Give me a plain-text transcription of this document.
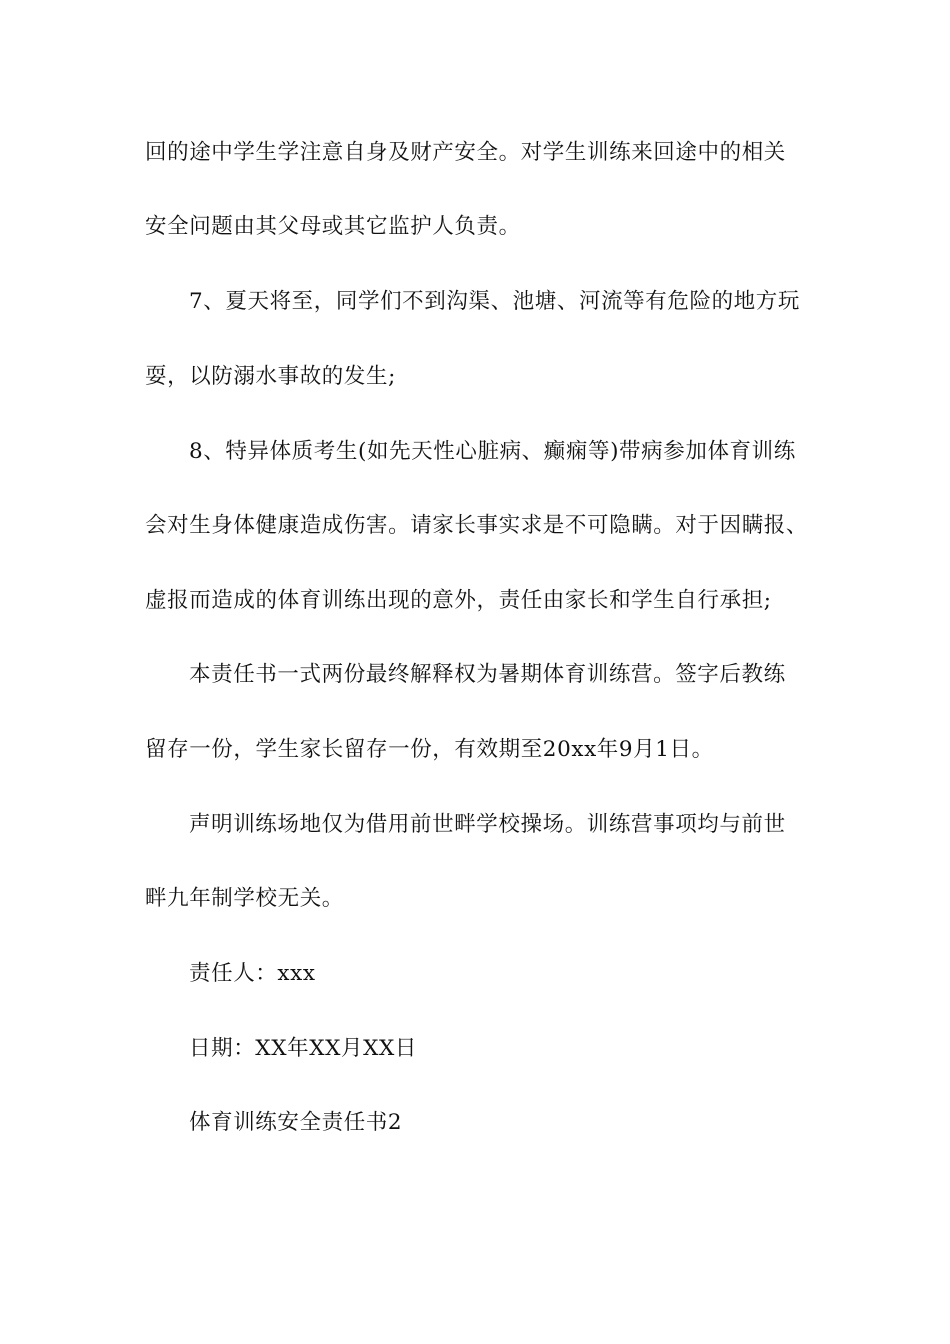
回的途中学生学注意自身及财产安全。对学生训练来回途中的相关
安全问题由其父母或其它监护人负责。
7、夏天将至，同学们不到沟渠、池塘、河流等有危险的地方玩
耍，以防溺水事故的发生;
8、特异体质考生(如先天性心脏病、癫痫等)带病参加体育训练
会对生身体健康造成伤害。请家长事实求是不可隐瞒。对于因瞒报、
虚报而造成的体育训练出现的意外，责任由家长和学生自行承担;
本责任书一式两份最终解释权为暑期体育训练营。签字后教练
留存一份，学生家长留存一份，有效期至20xx年9月1日。
声明训练场地仅为借用前世畔学校操场。训练营事项均与前世
畔九年制学校无关。
责任人：xxx
日期：XX年XX月XX日
体育训练安全责任书2
